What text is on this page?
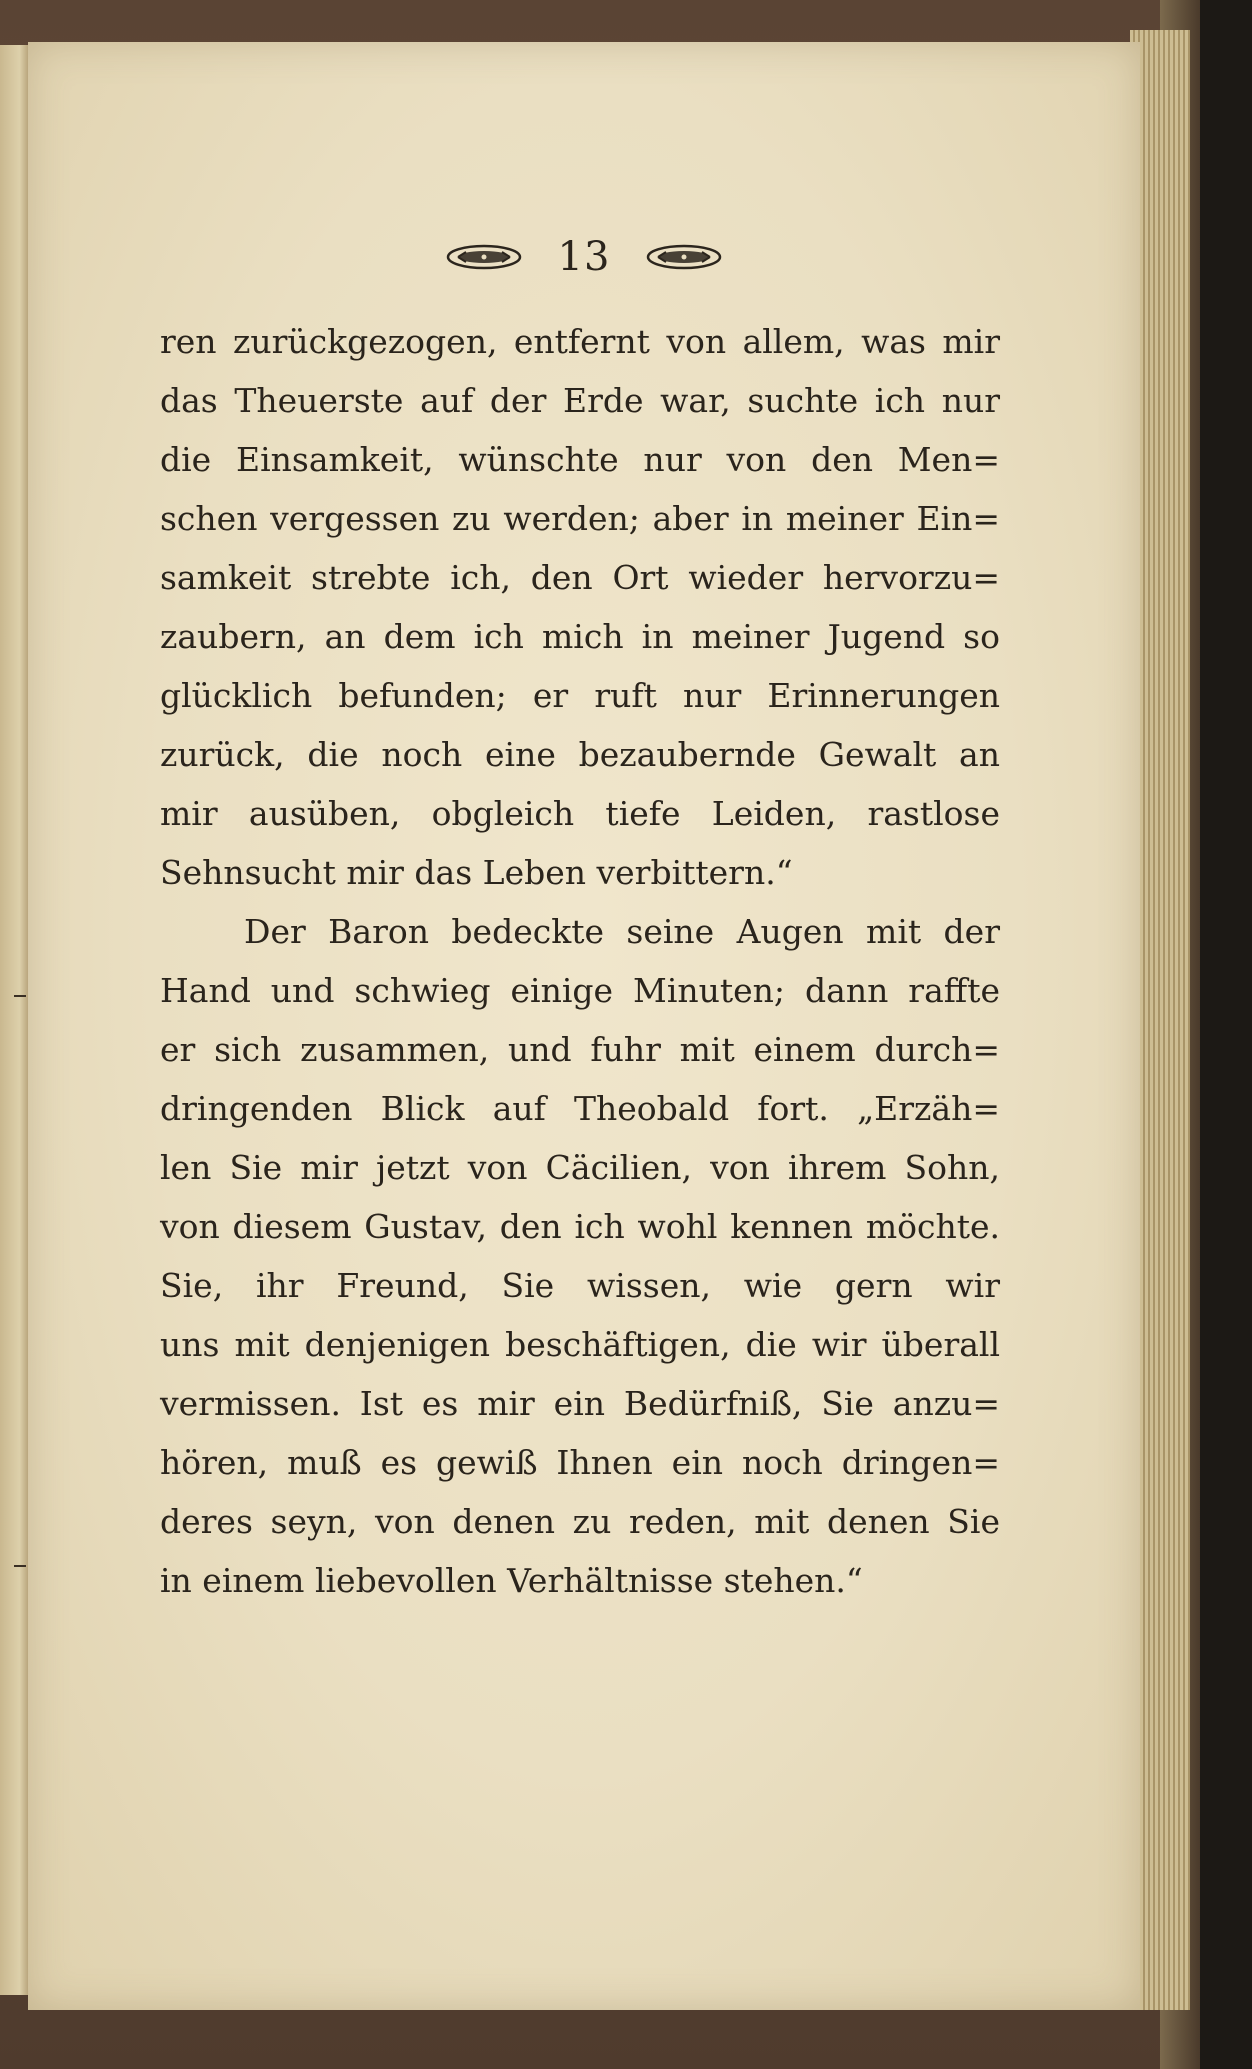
13
ren zurückgezogen, entfernt von allem, was mir
das Theuerste auf der Erde war, suchte ich nur
die Einsamkeit, wünschte nur von den Men=
schen vergessen zu werden; aber in meiner Ein=
samkeit strebte ich, den Ort wieder hervorzu=
zaubern, an dem ich mich in meiner Jugend so
glücklich befunden; er ruft nur Erinnerungen
zurück, die noch eine bezaubernde Gewalt an
mir ausüben, obgleich tiefe Leiden, rastlose
Sehnsucht mir das Leben verbittern.“
Der Baron bedeckte seine Augen mit der
Hand und schwieg einige Minuten; dann raffte
er sich zusammen, und fuhr mit einem durch=
dringenden Blick auf Theobald fort. „Erzäh=
len Sie mir jetzt von Cäcilien, von ihrem Sohn,
von diesem Gustav, den ich wohl kennen möchte.
Sie, ihr Freund, Sie wissen, wie gern wir
uns mit denjenigen beschäftigen, die wir überall
vermissen. Ist es mir ein Bedürfniß, Sie anzu=
hören, muß es gewiß Ihnen ein noch dringen=
deres seyn, von denen zu reden, mit denen Sie
in einem liebevollen Verhältnisse stehen.“
